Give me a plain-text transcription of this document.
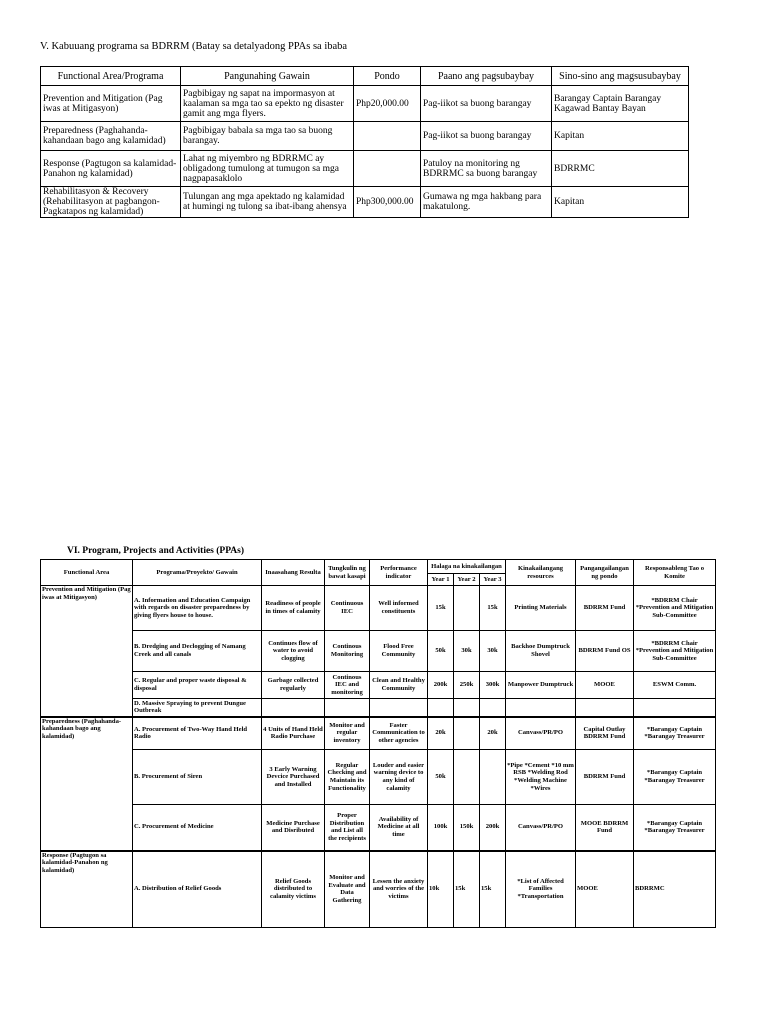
V. Kabuuang programa sa BDRRM (Batay sa detalyadong PPAs sa ibaba
Functional Area/Programa	Pangunahing Gawain	Pondo	Paano ang pagsubaybay	Sino-sino ang magsusubaybay
Prevention and Mitigation (Pag iwas at Mitigasyon)	Pagbibigay ng sapat na impormasyon at kaalaman sa mga tao sa epekto ng disaster gamit ang mga flyers.	Php20,000.00	Pag-iikot sa buong barangay	Barangay Captain Barangay Kagawad Bantay Bayan
Preparedness (Paghahanda-kahandaan bago ang kalamidad)	Pagbibigay babala sa mga tao sa buong barangay.		Pag-iikot sa buong barangay	Kapitan
Response (Pagtugon sa kalamidad-Panahon ng kalamidad)	Lahat ng miyembro ng BDRRMC ay obligadong tumulong at tumugon sa mga nagpapasaklolo		Patuloy na monitoring ng BDRRMC sa buong barangay	BDRRMC
Rehabilitasyon & Recovery (Rehabilitasyon at pagbangon-Pagkatapos ng kalamidad)	Tulungan ang mga apektado ng kalamidad at humingi ng tulong sa ibat-ibang ahensya	Php300,000.00	Gumawa ng mga hakbang para makatulong.	Kapitan
VI. Program, Projects and Activities (PPAs)
Functional Area	Programa/Proyekto/ Gawain	Inaasahang Resulta	Tungkulin ng bawat kasapi	Performance indicator	Halaga na kinakailangan			Kinakailangang resources	Pangangailangan ng pondo	Responsableng Tao o Komite
					Year 1	Year 2	Year 3			
Prevention and Mitigation (Pag iwas at Mitigasyon)	A. Information and Education Campaign with regards on disaster preparedness by giving flyers house to house.	Readiness of people in times of calamity	Continuous IEC	Well informed constituents	15k		15k	Printing Materials	BDRRM Fund	*BDRRM Chair *Prevention and Mitigation Sub-Committee
	B. Dredging and Declogging of Namang Creek and all canals	Continues flow of water to avoid clogging	Continous Monitoring	Flood Free Community	50k	30k	30k	Backhoe Dumptruck Shovel	BDRRM Fund OS	*BDRRM Chair *Prevention and Mitigation Sub-Committee
	C. Regular and proper waste disposal & disposal	Garbage collected regularly	Continous IEC and monitoring	Clean and Healthy Community	200k	250k	300k	Manpower Dumptruck	MOOE	ESWM Comm.
	D. Massive Spraying to prevent Dungue Outbreak									
Preparedness (Paghahanda-kahandaan bago ang kalamidad)	A. Procurement of Two-Way Hand Held Radio	4 Units of Hand Held Radio Purchase	Monitor and regular inventory	Faster Communication to other agencies	20k		20k	Canvass/PR/PO	Capital Outlay BDRRM Fund	*Barangay Captain *Barangay Treasurer
	B. Procurement of Siren	3 Early Warning Devcice Purchased and Installed	Regular Checking and Maintain its Functionality	Louder and easier warning device to any kind of calamity	50k			*Pipe *Cement *10 mm RSB *Welding Rod *Welding Machine *Wires	BDRRM Fund	*Barangay Captain *Barangay Treasurer
	C. Procurement of Medicine	Medicine Purchase and Disributed	Proper Distribution and List all the recipients	Availability of Medicine at all time	100k	150k	200k	Canvass/PR/PO	MOOE BDRRM Fund	*Barangay Captain *Barangay Treasurer
Response (Pagtugon sa kalamidad-Panahon ng kalamidad)	A. Distribution of Relief Goods	Relief Goods distributed to calamity victims	Monitor and Evaluate and Data Gathering	Lessen the anxiety and worries of the victims	10k	15k	15k	*List of Affected Families *Transportation	MOOE	BDRRMC
